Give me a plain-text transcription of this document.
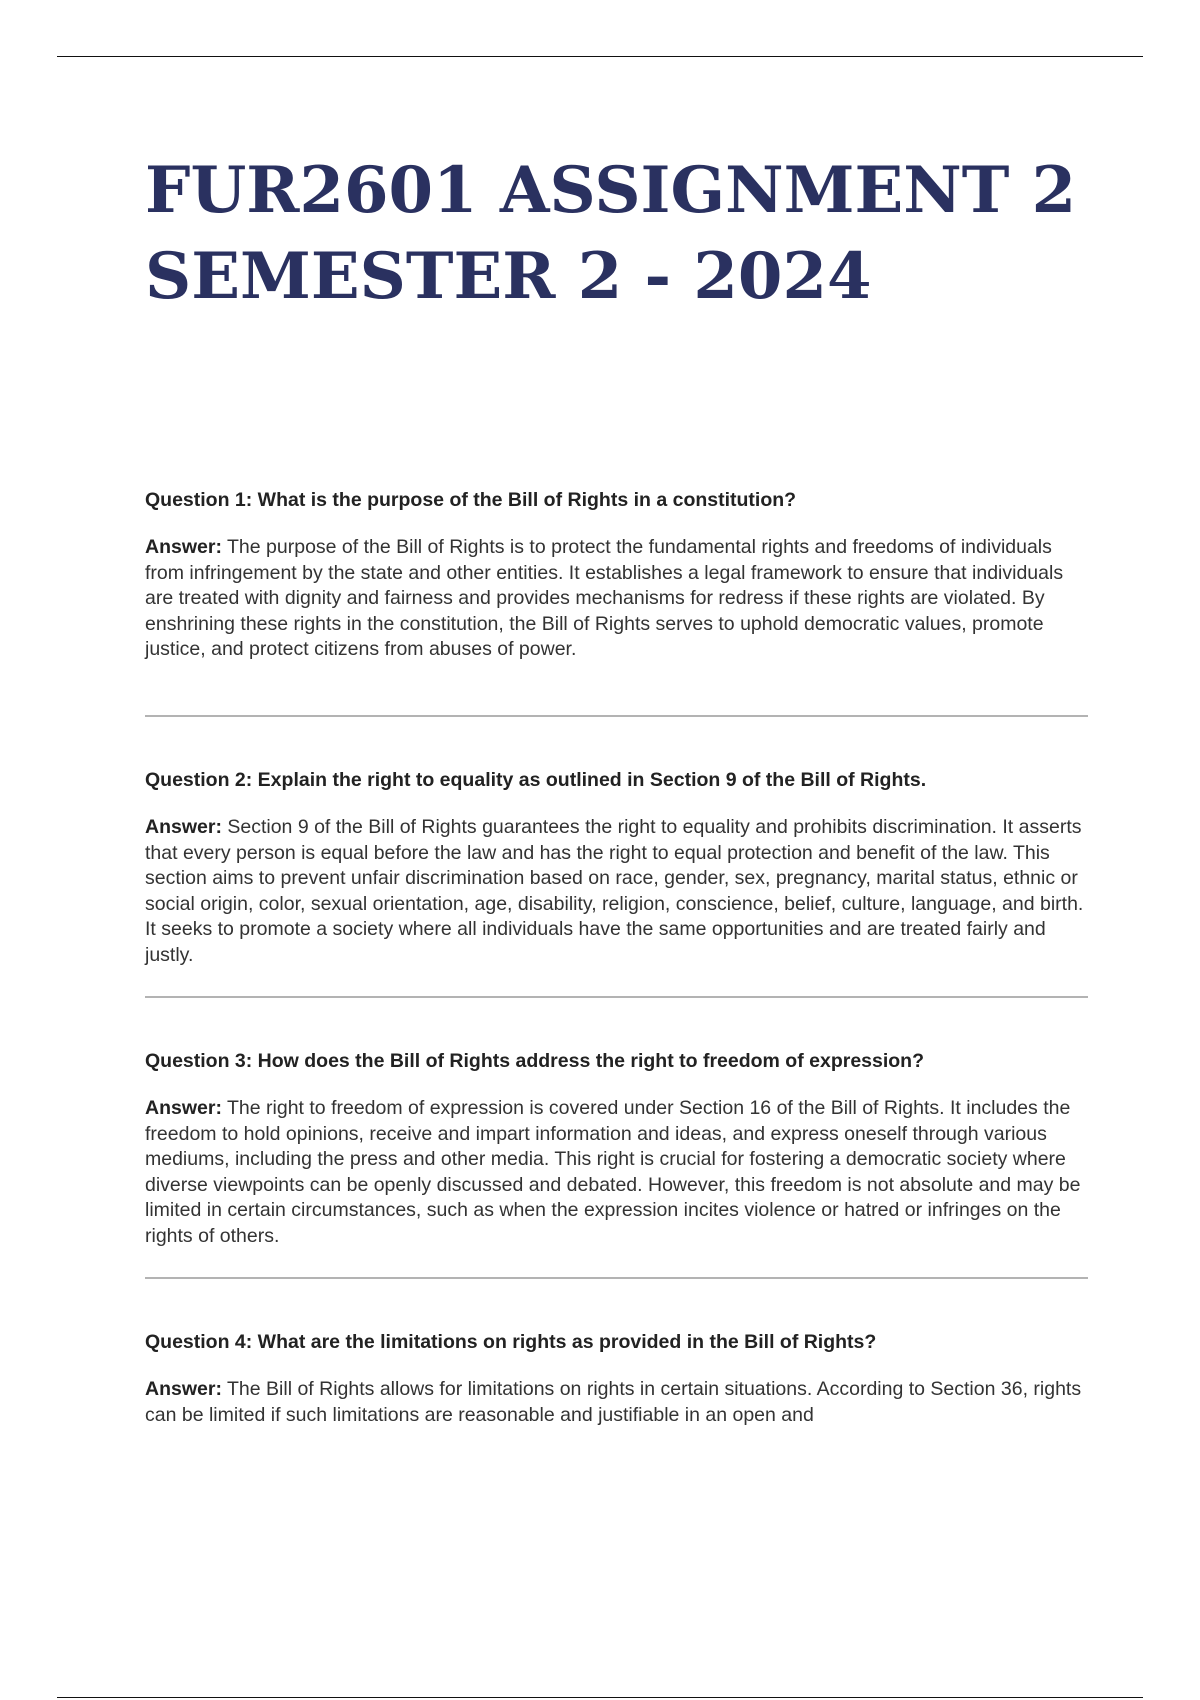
FUR2601 ASSIGNMENT 2
SEMESTER 2 - 2024

Question 1: What is the purpose of the Bill of Rights in a constitution?

Answer: The purpose of the Bill of Rights is to protect the fundamental rights and freedoms of individuals from infringement by the state and other entities. It establishes a legal framework to ensure that individuals are treated with dignity and fairness and provides mechanisms for redress if these rights are violated. By enshrining these rights in the constitution, the Bill of Rights serves to uphold democratic values, promote justice, and protect citizens from abuses of power.

Question 2: Explain the right to equality as outlined in Section 9 of the Bill of Rights.

Answer: Section 9 of the Bill of Rights guarantees the right to equality and prohibits discrimination. It asserts that every person is equal before the law and has the right to equal protection and benefit of the law. This section aims to prevent unfair discrimination based on race, gender, sex, pregnancy, marital status, ethnic or social origin, color, sexual orientation, age, disability, religion, conscience, belief, culture, language, and birth. It seeks to promote a society where all individuals have the same opportunities and are treated fairly and justly.

Question 3: How does the Bill of Rights address the right to freedom of expression?

Answer: The right to freedom of expression is covered under Section 16 of the Bill of Rights. It includes the freedom to hold opinions, receive and impart information and ideas, and express oneself through various mediums, including the press and other media. This right is crucial for fostering a democratic society where diverse viewpoints can be openly discussed and debated. However, this freedom is not absolute and may be limited in certain circumstances, such as when the expression incites violence or hatred or infringes on the rights of others.

Question 4: What are the limitations on rights as provided in the Bill of Rights?

Answer: The Bill of Rights allows for limitations on rights in certain situations. According to Section 36, rights can be limited if such limitations are reasonable and justifiable in an open and
